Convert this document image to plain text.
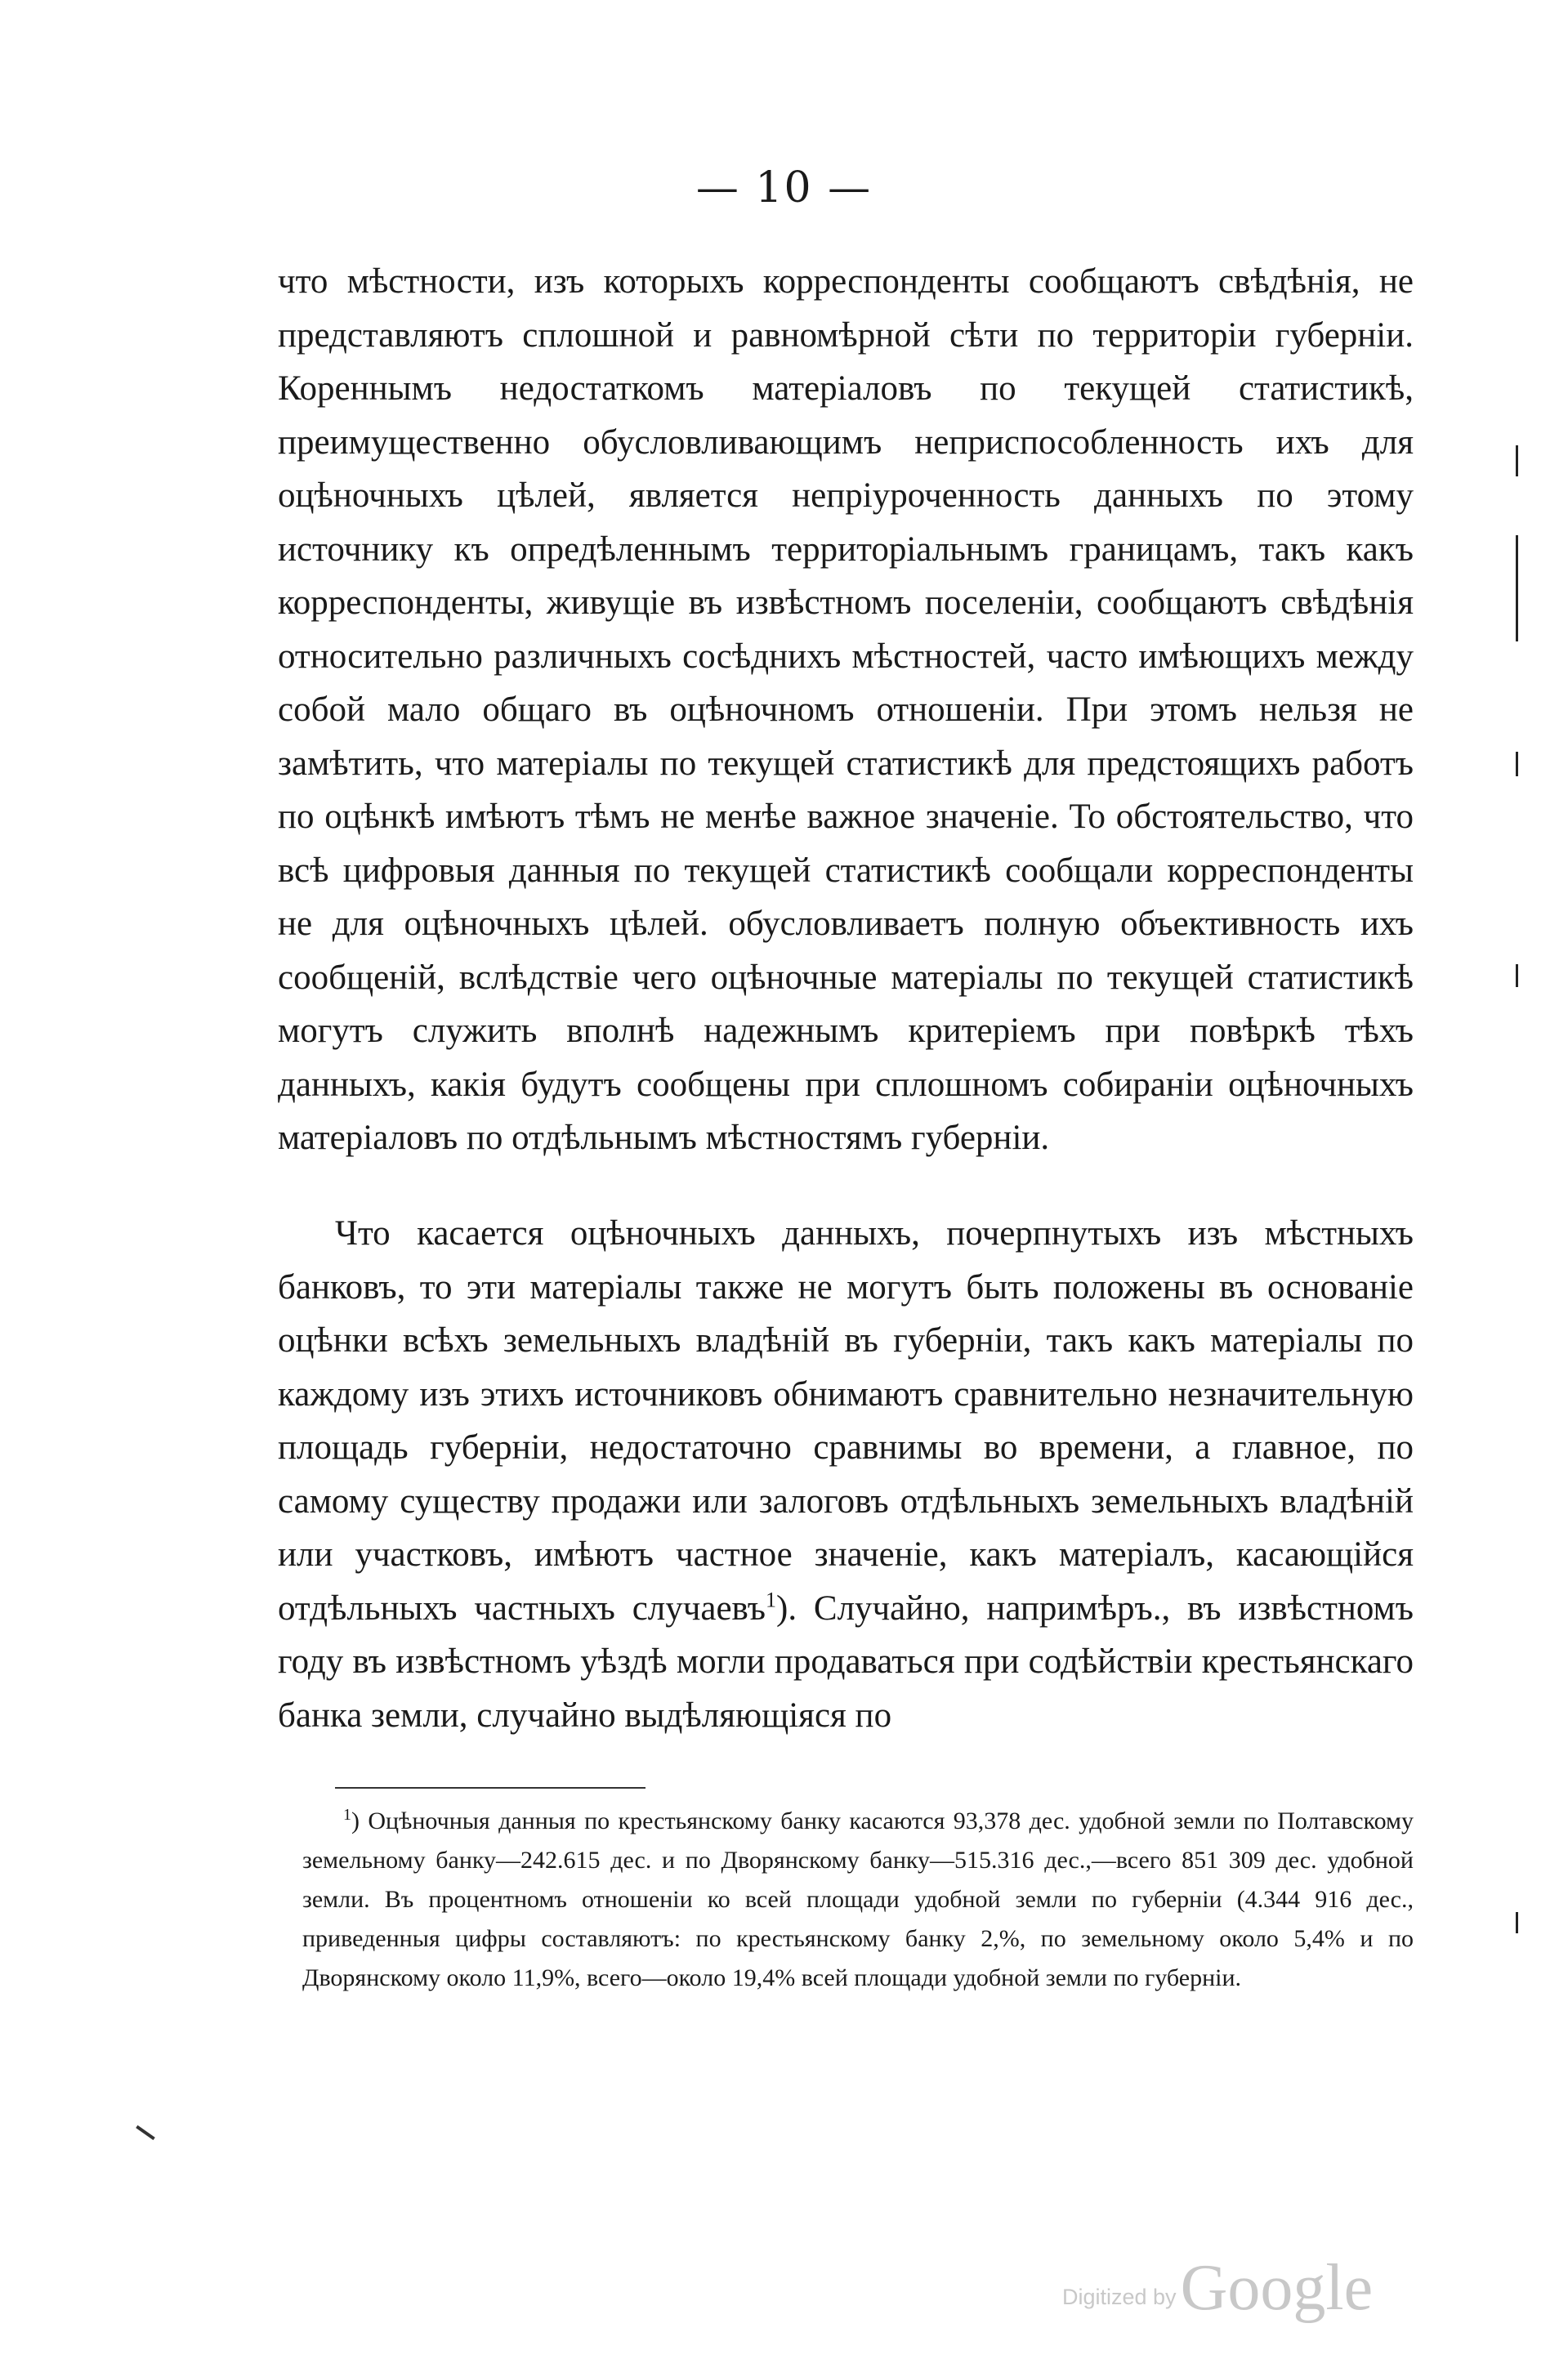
— 10 —

что мѣстности, изъ которыхъ корреспонденты сообщаютъ свѣдѣнія, не представляютъ сплошной и равномѣрной сѣти по территоріи губерніи. Кореннымъ недостаткомъ матеріаловъ по текущей статистикѣ, преимущественно обусловливающимъ неприспособленность ихъ для оцѣночныхъ цѣлей, является непріуроченность данныхъ по этому источнику къ опредѣленнымъ территоріальнымъ границамъ, такъ какъ корреспонденты, живущіе въ извѣстномъ поселеніи, сообщаютъ свѣдѣнія относительно различныхъ сосѣднихъ мѣстностей, часто имѣющихъ между собой мало общаго въ оцѣночномъ отношеніи. При этомъ нельзя не замѣтить, что матеріалы по текущей статистикѣ для предстоящихъ работъ по оцѣнкѣ имѣютъ тѣмъ не менѣе важное значеніе. То обстоятельство, что всѣ цифровыя данныя по текущей статистикѣ сообщали корреспонденты не для оцѣночныхъ цѣлей. обусловливаетъ полную объективность ихъ сообщеній, вслѣдствіе чего оцѣночные матеріалы по текущей статистикѣ могутъ служить вполнѣ надежнымъ критеріемъ при повѣркѣ тѣхъ данныхъ, какія будутъ сообщены при сплошномъ собираніи оцѣночныхъ матеріаловъ по отдѣльнымъ мѣстностямъ губерніи.

Что касается оцѣночныхъ данныхъ, почерпнутыхъ изъ мѣстныхъ банковъ, то эти матеріалы также не могутъ быть положены въ основаніе оцѣнки всѣхъ земельныхъ владѣній въ губерніи, такъ какъ матеріалы по каждому изъ этихъ источниковъ обнимаютъ сравнительно незначительную площадь губерніи, недостаточно сравнимы во времени, а главное, по самому существу продажи или залоговъ отдѣльныхъ земельныхъ владѣній или участковъ, имѣютъ частное значеніе, какъ матеріалъ, касающійся отдѣльныхъ частныхъ случаевъ$^1$). Случайно, напримѣръ., въ извѣстномъ году въ извѣстномъ уѣздѣ могли продаваться при содѣйствіи крестьянскаго банка земли, случайно выдѣляющіяся по

$^1$) Оцѣночныя данныя по крестьянскому банку касаются 93,378 дес. удобной земли по Полтавскому земельному банку—242.615 дес. и по Дворянскому банку—515.316 дес.,—всего 851 309 дес. удобной земли. Въ процентномъ отношеніи ко всей площади удобной земли по губерніи (4.344 916 дес., приведенныя цифры составляютъ: по крестьянскому банку 2,%, по земельному около 5,4% и по Дворянскому около 11,9%, всего—около 19,4% всей площади удобной земли по губерніи.

Digitized by Google
